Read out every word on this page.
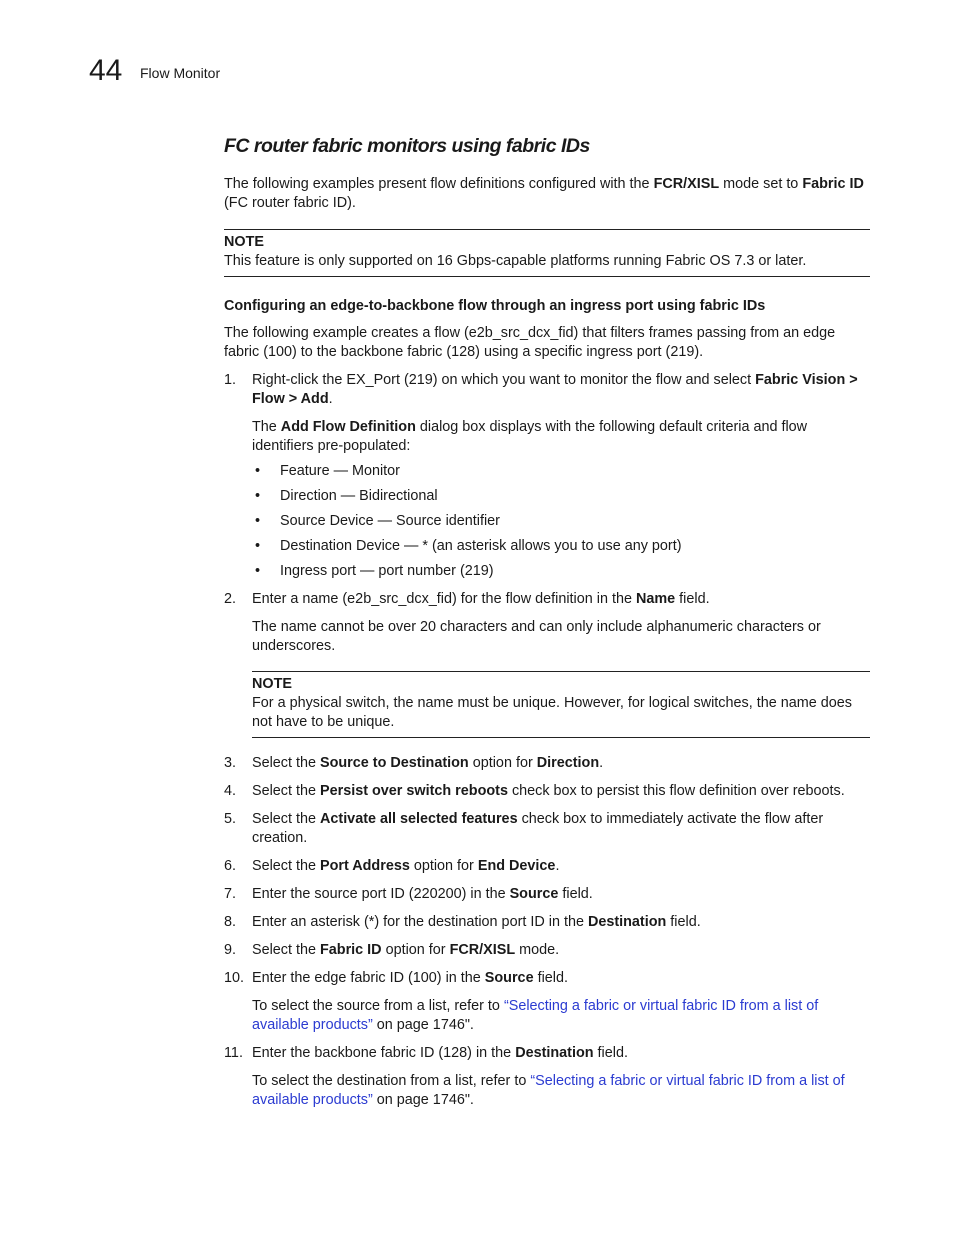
44 Flow Monitor
FC router fabric monitors using fabric IDs

The following examples present flow definitions configured with the FCR/XISL mode set to Fabric ID (FC router fabric ID).

NOTE
This feature is only supported on 16 Gbps-capable platforms running Fabric OS 7.3 or later.
Configuring an edge-to-backbone flow through an ingress port using fabric IDs

The following example creates a flow (e2b_src_dcx_fid) that filters frames passing from an edge fabric (100) to the backbone fabric (128) using a specific ingress port (219).

1. Right-click the EX_Port (219) on which you want to monitor the flow and select Fabric Vision > Flow > Add.

The Add Flow Definition dialog box displays with the following default criteria and flow identifiers pre-populated:

• Feature — Monitor
• Direction — Bidirectional
• Source Device — Source identifier
• Destination Device — * (an asterisk allows you to use any port)
• Ingress port — port number (219)
2. Enter a name (e2b_src_dcx_fid) for the flow definition in the Name field.

The name cannot be over 20 characters and can only include alphanumeric characters or underscores.

NOTE
For a physical switch, the name must be unique. However, for logical switches, the name does not have to be unique.
3. Select the Source to Destination option for Direction.
4. Select the Persist over switch reboots check box to persist this flow definition over reboots.
5. Select the Activate all selected features check box to immediately activate the flow after creation.
6. Select the Port Address option for End Device.
7. Enter the source port ID (220200) in the Source field.
8. Enter an asterisk (*) for the destination port ID in the Destination field.
9. Select the Fabric ID option for FCR/XISL mode.
10. Enter the edge fabric ID (100) in the Source field.

To select the source from a list, refer to “Selecting a fabric or virtual fabric ID from a list of available products” on page 1746".

11. Enter the backbone fabric ID (128) in the Destination field.

To select the destination from a list, refer to “Selecting a fabric or virtual fabric ID from a list of available products” on page 1746".
